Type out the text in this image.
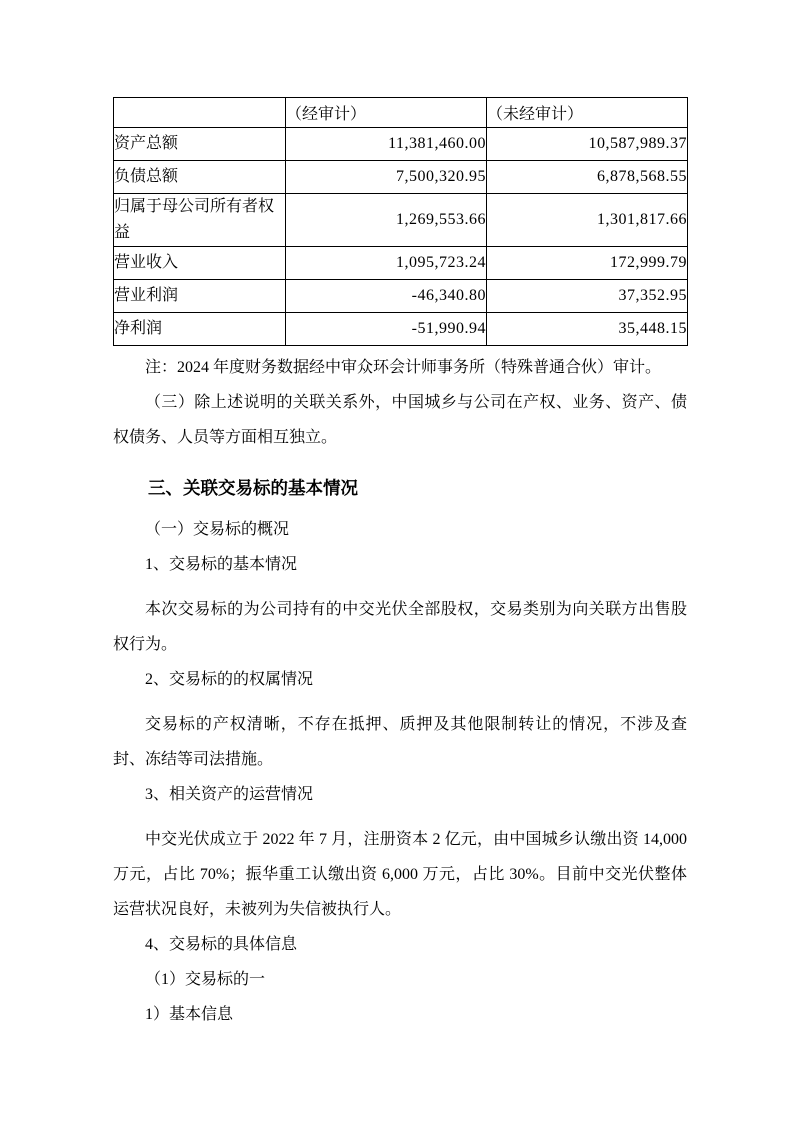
	（经审计）	（未经审计）
资产总额	11,381,460.00	10,587,989.37
负债总额	7,500,320.95	6,878,568.55
归属于母公司所有者权益	1,269,553.66	1,301,817.66
营业收入	1,095,723.24	172,999.79
营业利润	-46,340.80	37,352.95
净利润	-51,990.94	35,448.15

注：2024 年度财务数据经中审众环会计师事务所（特殊普通合伙）审计。

（三）除上述说明的关联关系外，中国城乡与公司在产权、业务、资产、债权债务、人员等方面相互独立。

三、关联交易标的基本情况

（一）交易标的概况

1、交易标的基本情况

本次交易标的为公司持有的中交光伏全部股权，交易类别为向关联方出售股权行为。

2、交易标的的权属情况

交易标的产权清晰，不存在抵押、质押及其他限制转让的情况，不涉及查封、冻结等司法措施。

3、相关资产的运营情况

中交光伏成立于 2022 年 7 月，注册资本 2 亿元，由中国城乡认缴出资 14,000 万元，占比 70%；振华重工认缴出资 6,000 万元，占比 30%。目前中交光伏整体运营状况良好，未被列为失信被执行人。

4、交易标的具体信息

（1）交易标的一

1）基本信息
